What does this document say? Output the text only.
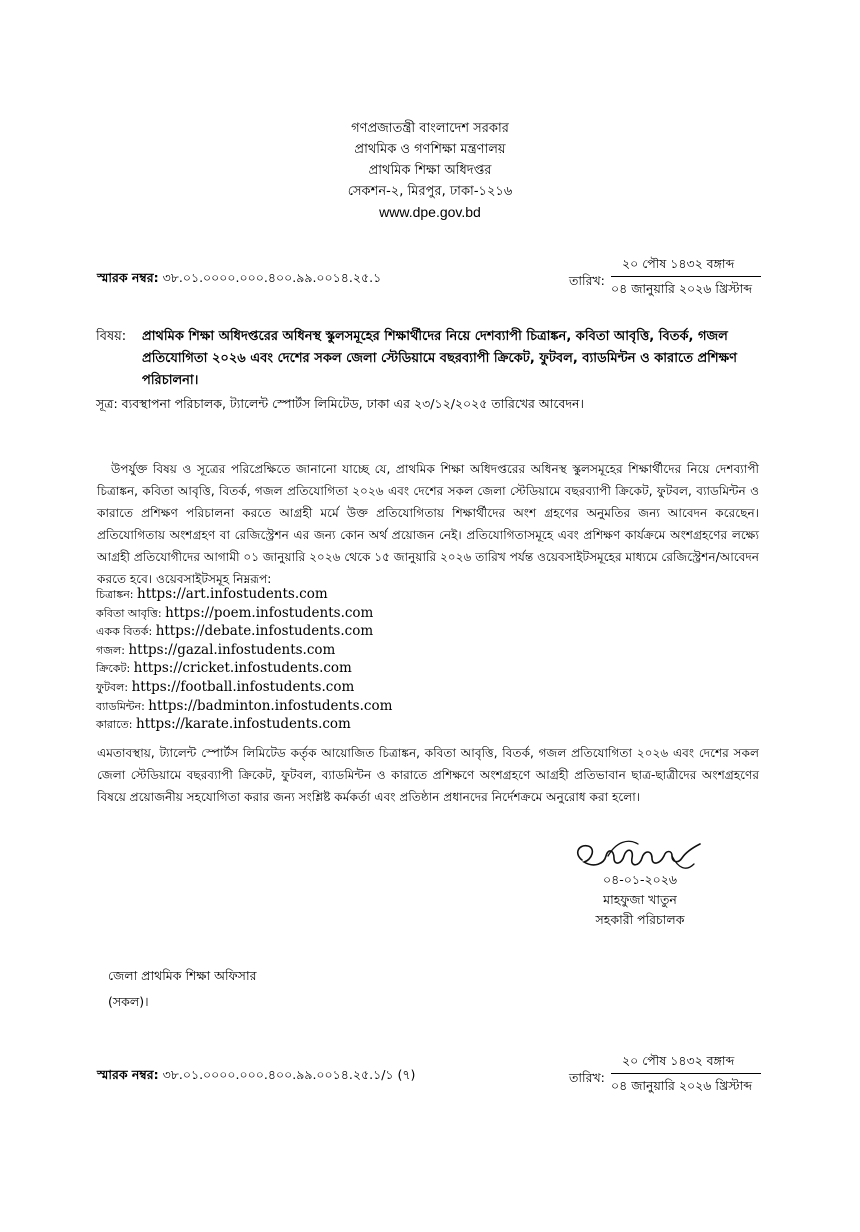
গণপ্রজাতন্ত্রী বাংলাদেশ সরকার
প্রাথমিক ও গণশিক্ষা মন্ত্রণালয়
প্রাথমিক শিক্ষা অধিদপ্তর
সেকশন-২, মিরপুর, ঢাকা-১২১৬
www.dpe.gov.bd
স্মারক নম্বর: ৩৮.০১.০০০০.০০০.৪০০.৯৯.০০১৪.২৫.১	তারিখ:
২০ পৌষ ১৪৩২ বঙ্গাব্দ
০৪ জানুয়ারি ২০২৬ খ্রিস্টাব্দ
বিষয়: প্রাথমিক শিক্ষা অধিদপ্তরের অধিনস্থ স্কুলসমূহের শিক্ষার্থীদের নিয়ে দেশব্যাপী চিত্রাঙ্কন, কবিতা আবৃত্তি, বিতর্ক, গজল প্রতিযোগিতা ২০২৬ এবং দেশের সকল জেলা স্টেডিয়ামে বছরব্যাপী ক্রিকেট, ফুটবল, ব্যাডমিন্টন ও কারাতে প্রশিক্ষণ পরিচালনা।
সূত্র: ব্যবস্থাপনা পরিচালক, ট্যালেন্ট স্পোর্টস লিমিটেড, ঢাকা এর ২৩/১২/২০২৫ তারিখের আবেদন।
উপর্যুক্ত বিষয় ও সূত্রের পরিপ্রেক্ষিতে জানানো যাচ্ছে যে, প্রাথমিক শিক্ষা অধিদপ্তরের অধিনস্থ স্কুলসমূহের শিক্ষার্থীদের নিয়ে দেশব্যাপী চিত্রাঙ্কন, কবিতা আবৃত্তি, বিতর্ক, গজল প্রতিযোগিতা ২০২৬ এবং দেশের সকল জেলা স্টেডিয়ামে বছরব্যাপী ক্রিকেট, ফুটবল, ব্যাডমিন্টন ও কারাতে প্রশিক্ষণ পরিচালনা করতে আগ্রহী মর্মে উক্ত প্রতিযোগিতায় শিক্ষার্থীদের অংশ গ্রহণের অনুমতির জন্য আবেদন করেছেন। প্রতিযোগিতায় অংশগ্রহণ বা রেজিস্ট্রেশন এর জন্য কোন অর্থ প্রয়োজন নেই। প্রতিযোগিতাসমূহে এবং প্রশিক্ষণ কার্যক্রমে অংশগ্রহণের লক্ষ্যে আগ্রহী প্রতিযোগীদের আগামী ০১ জানুয়ারি ২০২৬ থেকে ১৫ জানুয়ারি ২০২৬ তারিখ পর্যন্ত ওয়েবসাইটসমূহের মাধ্যমে রেজিস্ট্রেশন/আবেদন করতে হবে। ওয়েবসাইটসমূহ নিম্নরূপ:
চিত্রাঙ্কন: https://art.infostudents.com
কবিতা আবৃত্তি: https://poem.infostudents.com
একক বিতর্ক: https://debate.infostudents.com
গজল: https://gazal.infostudents.com
ক্রিকেট: https://cricket.infostudents.com
ফুটবল: https://football.infostudents.com
ব্যাডমিন্টন: https://badminton.infostudents.com
কারাতে: https://karate.infostudents.com
এমতাবস্থায়, ট্যালেন্ট স্পোর্টস লিমিটেড কর্তৃক আয়োজিত চিত্রাঙ্কন, কবিতা আবৃত্তি, বিতর্ক, গজল প্রতিযোগিতা ২০২৬ এবং দেশের সকল জেলা স্টেডিয়ামে বছরব্যাপী ক্রিকেট, ফুটবল, ব্যাডমিন্টন ও কারাতে প্রশিক্ষণে অংশগ্রহণে আগ্রহী প্রতিভাবান ছাত্র-ছাত্রীদের অংশগ্রহণের বিষয়ে প্রয়োজনীয় সহযোগিতা করার জন্য সংশ্লিষ্ট কর্মকর্তা এবং প্রতিষ্ঠান প্রধানদের নির্দেশক্রমে অনুরোধ করা হলো।
০৪-০১-২০২৬
মাহফুজা খাতুন
সহকারী পরিচালক
জেলা প্রাথমিক শিক্ষা অফিসার
(সকল)।
স্মারক নম্বর: ৩৮.০১.০০০০.০০০.৪০০.৯৯.০০১৪.২৫.১/১ (৭)	তারিখ:
২০ পৌষ ১৪৩২ বঙ্গাব্দ
০৪ জানুয়ারি ২০২৬ খ্রিস্টাব্দ
